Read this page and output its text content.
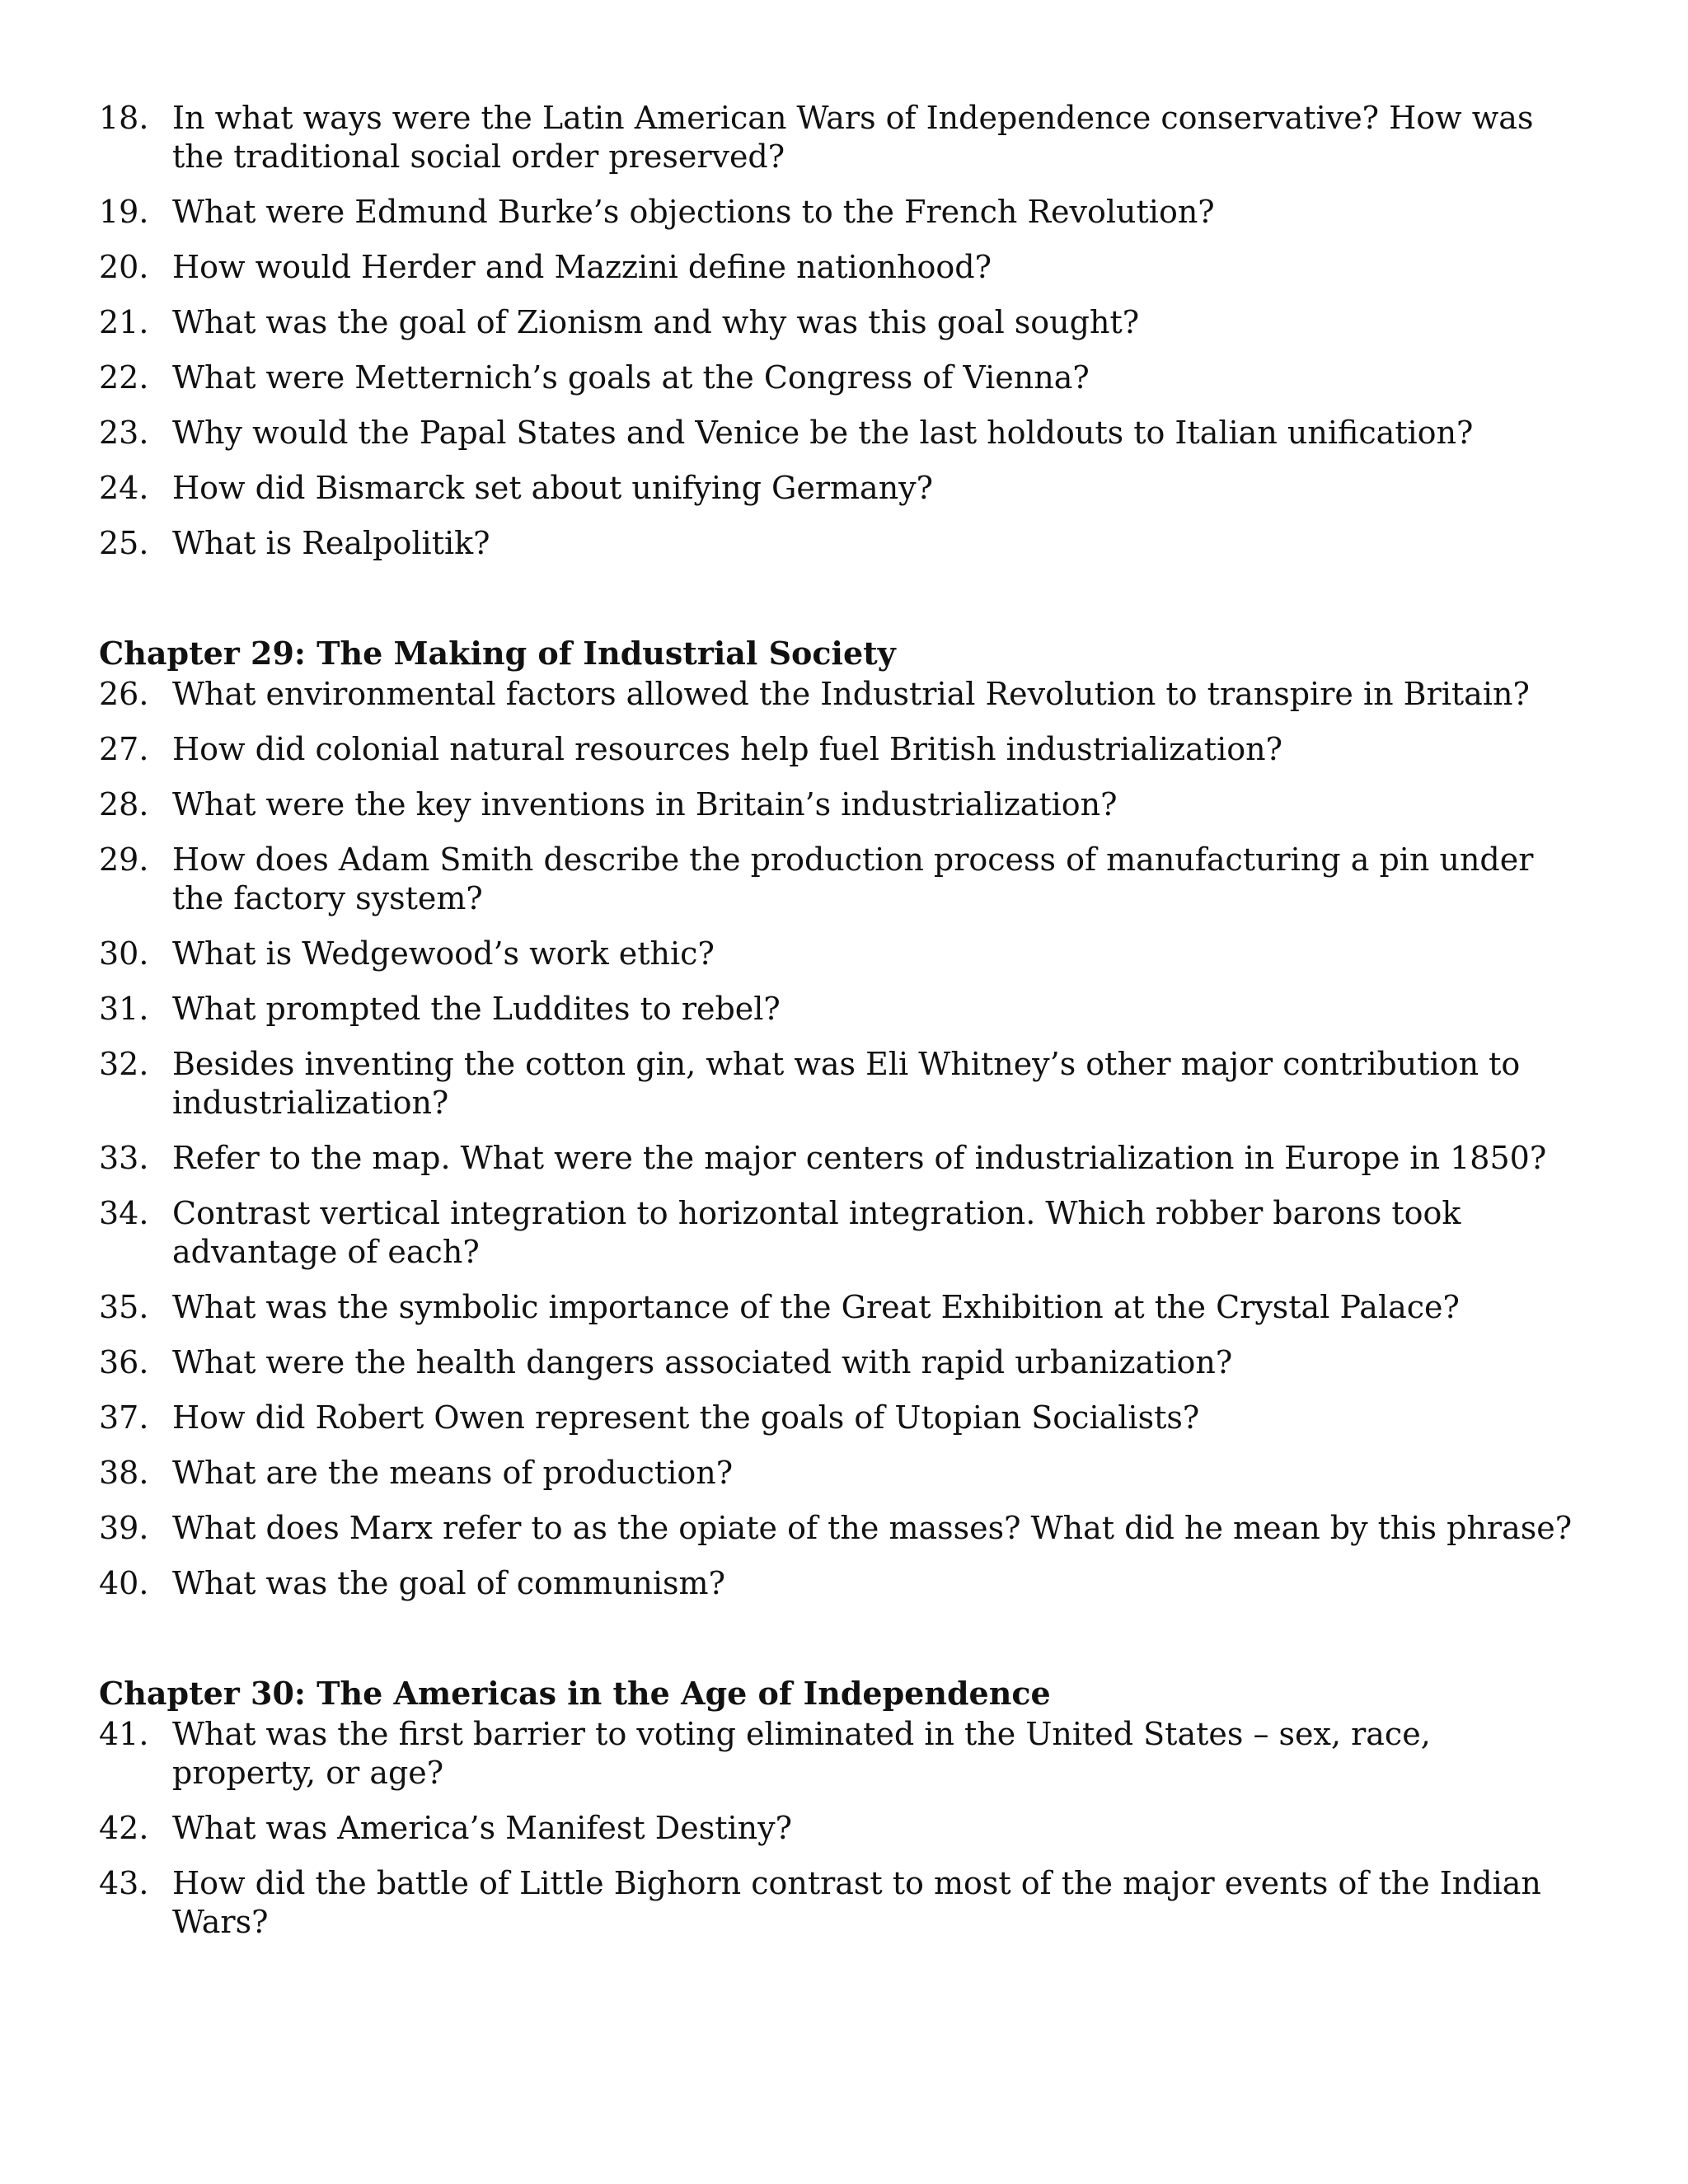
18. In what ways were the Latin American Wars of Independence conservative? How was the traditional social order preserved?
19. What were Edmund Burke’s objections to the French Revolution?
20. How would Herder and Mazzini define nationhood?
21. What was the goal of Zionism and why was this goal sought?
22. What were Metternich’s goals at the Congress of Vienna?
23. Why would the Papal States and Venice be the last holdouts to Italian unification?
24. How did Bismarck set about unifying Germany?
25. What is Realpolitik?
Chapter 29: The Making of Industrial Society
26. What environmental factors allowed the Industrial Revolution to transpire in Britain?
27. How did colonial natural resources help fuel British industrialization?
28. What were the key inventions in Britain’s industrialization?
29. How does Adam Smith describe the production process of manufacturing a pin under the factory system?
30. What is Wedgewood’s work ethic?
31. What prompted the Luddites to rebel?
32. Besides inventing the cotton gin, what was Eli Whitney’s other major contribution to industrialization?
33. Refer to the map. What were the major centers of industrialization in Europe in 1850?
34. Contrast vertical integration to horizontal integration. Which robber barons took advantage of each?
35. What was the symbolic importance of the Great Exhibition at the Crystal Palace?
36. What were the health dangers associated with rapid urbanization?
37. How did Robert Owen represent the goals of Utopian Socialists?
38. What are the means of production?
39. What does Marx refer to as the opiate of the masses? What did he mean by this phrase?
40. What was the goal of communism?
Chapter 30: The Americas in the Age of Independence
41. What was the first barrier to voting eliminated in the United States – sex, race, property, or age?
42. What was America’s Manifest Destiny?
43. How did the battle of Little Bighorn contrast to most of the major events of the Indian Wars?
